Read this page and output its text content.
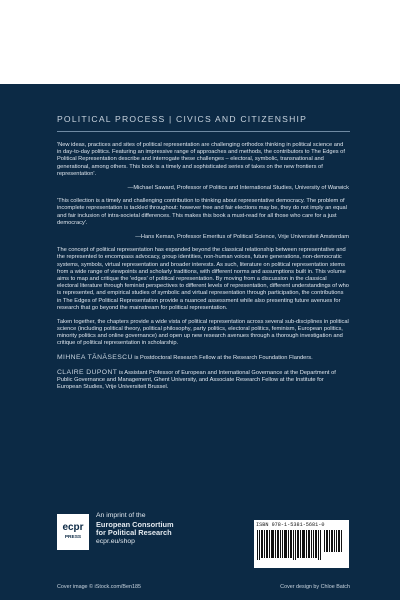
POLITICAL PROCESS | CIVICS AND CITIZENSHIP

'New ideas, practices and sites of political representation are challenging orthodox thinking in political science and in day-to-day politics. Featuring an impressive range of approaches and methods, the contributors to The Edges of Political Representation describe and interrogate these challenges – electoral, symbolic, transnational and generational, among others. This book is a timely and sophisticated series of takes on the new frontiers of representation'.

—Michael Saward, Professor of Politics and International Studies, University of Warwick

'This collection is a timely and challenging contribution to thinking about representative democracy. The problem of incomplete representation is tackled throughout: however free and fair elections may be, they do not imply an equal and fair inclusion of intra-societal differences. This makes this book a must-read for all those who care for a just democracy'.

—Hans Keman, Professor Emeritus of Political Science, Vrije Universiteit Amsterdam

The concept of political representation has expanded beyond the classical relationship between representative and the represented to encompass advocacy, group identities, non-human voices, future generations, non-democratic systems, symbols, virtual representation and broader interests. As such, literature on political representation stems from a wide range of viewpoints and scholarly traditions, with different norms and assumptions built in. This volume aims to map and critique the 'edges' of political representation. By moving from a discussion in the classical electoral literature through feminist perspectives to different levels of representation, different understandings of who is represented, and empirical studies of symbolic and virtual representation through participation, the contributions in The Edges of Political Representation provide a nuanced assessment while also presenting future avenues for research that go beyond the mainstream for political representation.

Taken together, the chapters provide a wide vista of political representation across several sub-disciplines in political science (including political theory, political philosophy, party politics, electoral politics, feminism, European politics, minority politics and online governance) and open up new research avenues through a thorough investigation and critique of political representation in scholarship.

MIHNEA TĂNĂSESCU is Postdoctoral Research Fellow at the Research Foundation Flanders.

CLAIRE DUPONT is Assistant Professor of European and International Governance at the Department of Public Governance and Management, Ghent University, and Associate Research Fellow at the Institute for European Studies, Vrije Universiteit Brussel.

ecpr
PRESS
An imprint of the
European Consortium
for Political Research
ecpr.eu/shop
ISBN 978-1-5381-5681-0
Cover image © iStock.com/Ben185	Cover design by Chloe Batch
